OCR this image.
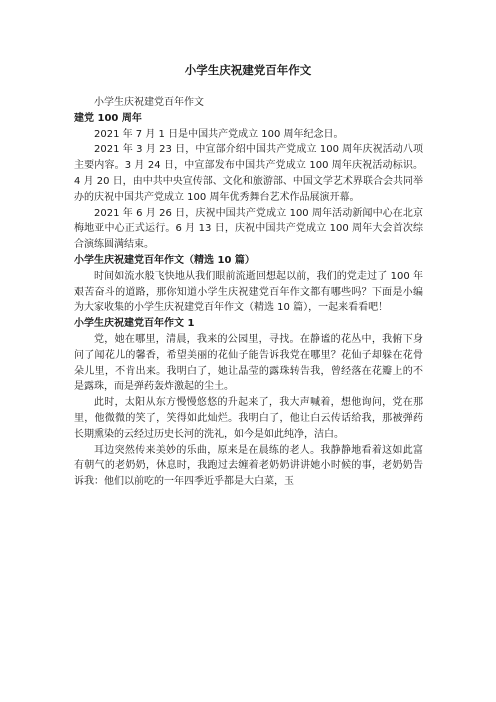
小学生庆祝建党百年作文

小学生庆祝建党百年作文

建党 100 周年

2021 年 7 月 1 日是中国共产党成立 100 周年纪念日。

2021 年 3 月 23 日，中宣部介绍中国共产党成立 100 周年庆祝活动八项主要内容。3 月 24 日，中宣部发布中国共产党成立 100 周年庆祝活动标识。4 月 20 日，由中共中央宣传部、文化和旅游部、中国文学艺术界联合会共同举办的庆祝中国共产党成立 100 周年优秀舞台艺术作品展演开幕。

2021 年 6 月 26 日，庆祝中国共产党成立 100 周年活动新闻中心在北京梅地亚中心正式运行。6 月 13 日，庆祝中国共产党成立 100 周年大会首次综合演练圆满结束。

小学生庆祝建党百年作文（精选 10 篇）

时间如流水般飞快地从我们眼前流逝回想起以前，我们的党走过了 100 年艰苦奋斗的道路，那你知道小学生庆祝建党百年作文都有哪些吗？下面是小编为大家收集的小学生庆祝建党百年作文（精选 10 篇），一起来看看吧！

小学生庆祝建党百年作文 1

党，她在哪里，清晨，我来的公园里，寻找。在静谧的花丛中，我俯下身问了闻花儿的馨香，希望美丽的花仙子能告诉我党在哪里？花仙子却躲在花骨朵儿里，不肯出来。我明白了，她让晶莹的露珠转告我，曾经落在花瓣上的不是露珠，而是弹药轰炸激起的尘土。

此时，太阳从东方慢慢悠悠的升起来了，我大声喊着，想他询问，党在那里，他微微的笑了，笑得如此灿烂。我明白了，他让白云传话给我，那被弹药长期熏染的云经过历史长河的洗礼，如今是如此纯净，洁白。

耳边突然传来美妙的乐曲，原来是在晨练的老人。我静静地看着这如此富有朝气的老奶奶，休息时，我跑过去缠着老奶奶讲讲她小时候的事，老奶奶告诉我：他们以前吃的一年四季近乎都是大白菜，玉
